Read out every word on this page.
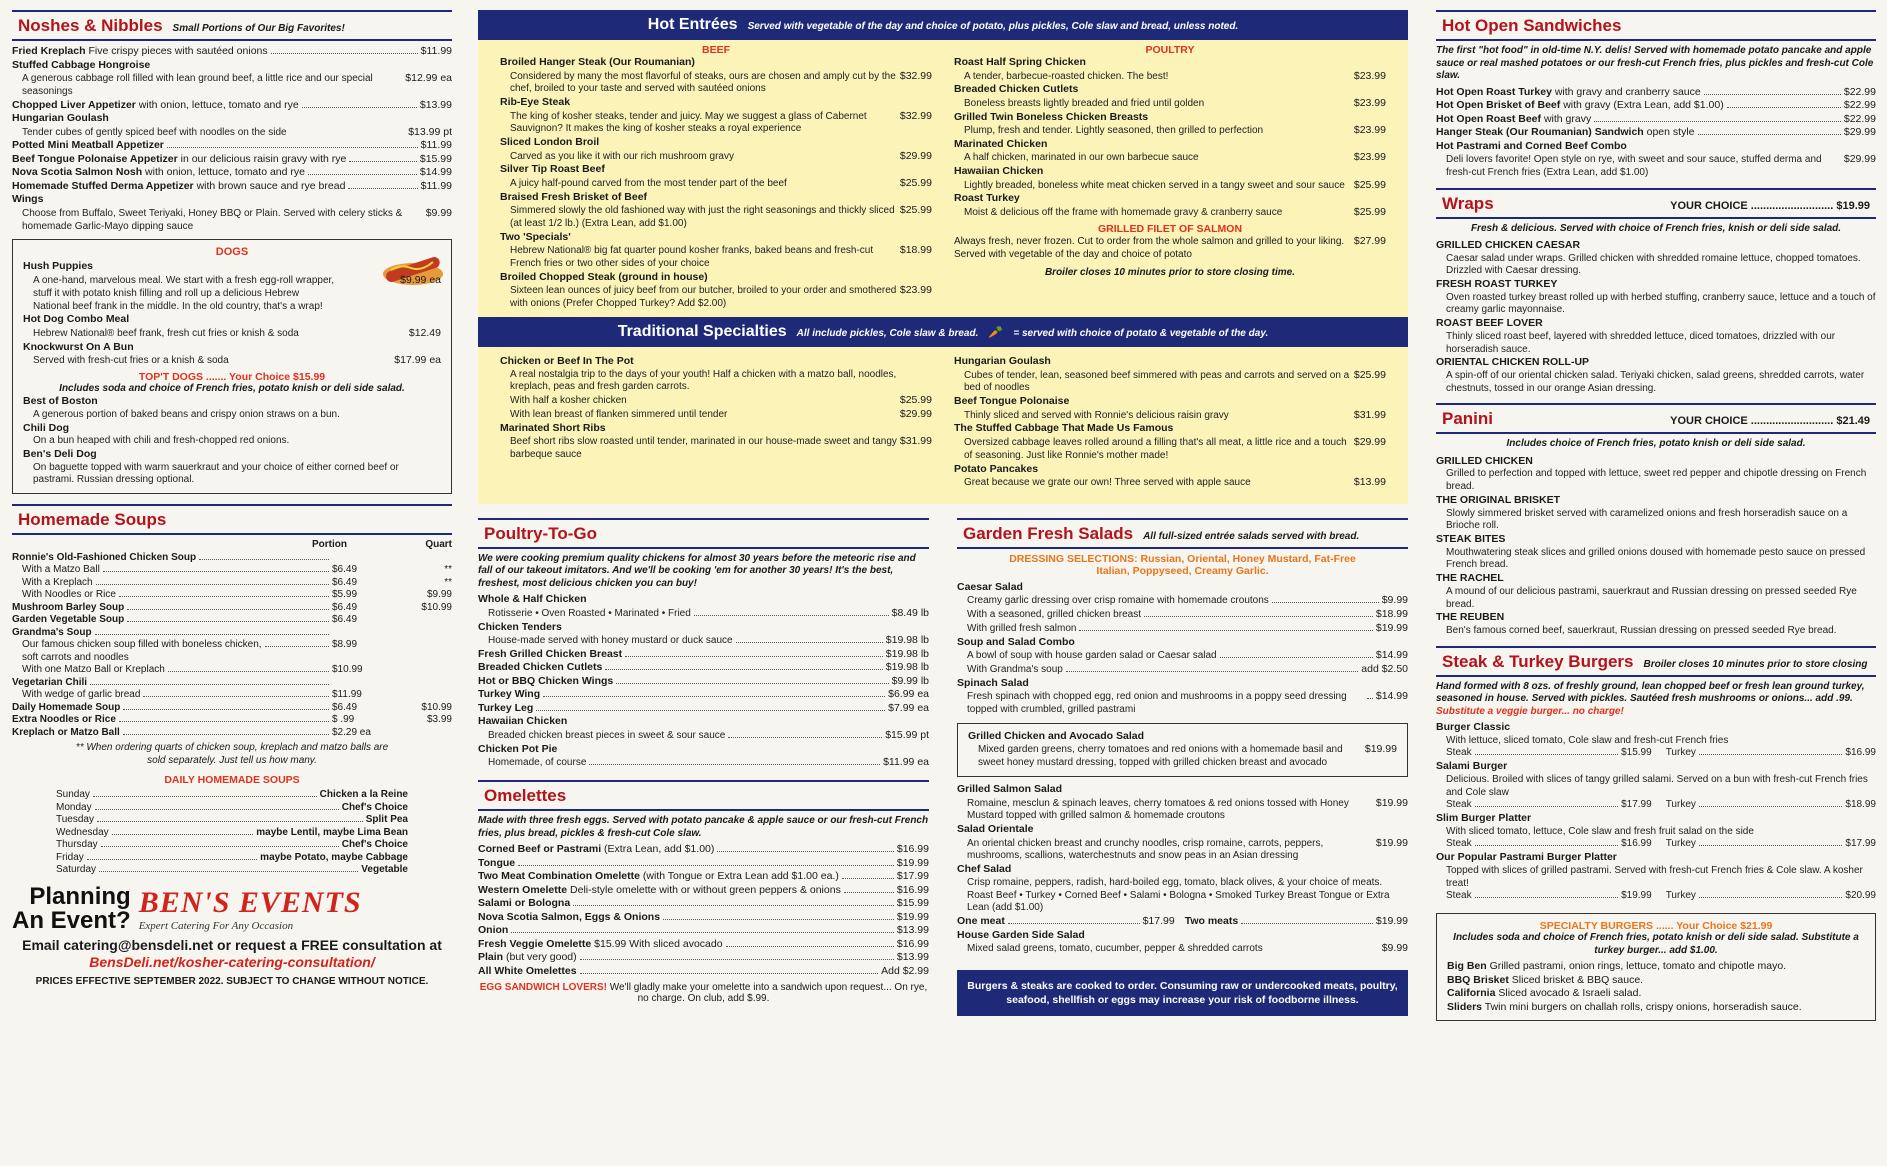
Noshes & Nibbles Small Portions of Our Big Favorites!
Fried Kreplach Five crispy pieces with sautéed onions	$11.99
Stuffed Cabbage Hongroise
A generous cabbage roll filled with lean ground beef, a little rice and our special seasonings
$12.99 ea
Chopped Liver Appetizer with onion, lettuce, tomato and rye	$13.99
Hungarian Goulash
Tender cubes of gently spiced beef with noodles on the side	$13.99 pt
Potted Mini Meatball Appetizer	$11.99
Beef Tongue Polonaise Appetizer in our delicious raisin gravy with rye	$15.99
Nova Scotia Salmon Nosh with onion, lettuce, tomato and rye	$14.99
Homemade Stuffed Derma Appetizer with brown sauce and rye bread	$11.99
Wings
Choose from Buffalo, Sweet Teriyaki, Honey BBQ or Plain. Served with celery sticks & homemade Garlic-Mayo dipping sauce
$9.99
DOGS
Hush Puppies
A one-hand, marvelous meal. We start with a fresh egg-roll wrapper, stuff it with potato knish filling and roll up a delicious Hebrew National beef frank in the middle. In the old country, that's a wrap!
$9.99 ea
Hot Dog Combo Meal
Hebrew National® beef frank, fresh cut fries or knish & soda	$12.49
Knockwurst On A Bun
Served with fresh-cut fries or a knish & soda	$17.99 ea
TOP'T DOGS ....... Your Choice $15.99
Includes soda and choice of French fries, potato knish or deli side salad.
Best of Boston
A generous portion of baked beans and crispy onion straws on a bun.
Chili Dog
On a bun heaped with chili and fresh-chopped red onions.
Ben's Deli Dog
On baguette topped with warm sauerkraut and your choice of either corned beef or pastrami. Russian dressing optional.
Homemade Soups
Portion	Quart
Ronnie's Old-Fashioned Chicken Soup
With a Matzo Ball	$6.49	**
With a Kreplach	$6.49	**
With Noodles or Rice	$5.99	$9.99
Mushroom Barley Soup	$6.49	$10.99
Garden Vegetable Soup	$6.49
Grandma's Soup
Our famous chicken soup filled with boneless chicken, soft carrots and noodles
$8.99
With one Matzo Ball or Kreplach	$10.99
Vegetarian Chili
With wedge of garlic bread	$11.99
Daily Homemade Soup	$6.49	$10.99
Extra Noodles or Rice	$ .99	$3.99
Kreplach or Matzo Ball	$2.29 ea
** When ordering quarts of chicken soup, kreplach and matzo balls are sold separately. Just tell us how many.
DAILY HOMEMADE SOUPS
Sunday	Chicken a la Reine
Monday	Chef's Choice
Tuesday	Split Pea
Wednesday	maybe Lentil, maybe Lima Bean
Thursday	Chef's Choice
Friday	maybe Potato, maybe Cabbage
Saturday	Vegetable
Planning
An Event?
BEN'S EVENTS
Expert Catering For Any Occasion
Email catering@bensdeli.net or request a FREE consultation at
BensDeli.net/kosher-catering-consultation/
PRICES EFFECTIVE SEPTEMBER 2022. SUBJECT TO CHANGE WITHOUT NOTICE.
Hot Entrées Served with vegetable of the day and choice of potato, plus pickles, Cole slaw and bread, unless noted.
BEEF
Broiled Hanger Steak (Our Roumanian)
Considered by many the most flavorful of steaks, ours are chosen and amply cut by the chef, broiled to your taste and served with sautéed onions
$32.99
Rib-Eye Steak
The king of kosher steaks, tender and juicy. May we suggest a glass of Cabernet Sauvignon? It makes the king of kosher steaks a royal experience
$32.99
Sliced London Broil
Carved as you like it with our rich mushroom gravy	$29.99
Silver Tip Roast Beef
A juicy half-pound carved from the most tender part of the beef	$25.99
Braised Fresh Brisket of Beef
Simmered slowly the old fashioned way with just the right seasonings and thickly sliced (at least 1/2 lb.) (Extra Lean, add $1.00)
$25.99
Two 'Specials'
Hebrew National® big fat quarter pound kosher franks, baked beans and fresh-cut French fries or two other sides of your choice
$18.99
Broiled Chopped Steak (ground in house)
Sixteen lean ounces of juicy beef from our butcher, broiled to your order and smothered with onions (Prefer Chopped Turkey? Add $2.00)
$23.99
POULTRY
Roast Half Spring Chicken
A tender, barbecue-roasted chicken. The best!	$23.99
Breaded Chicken Cutlets
Boneless breasts lightly breaded and fried until golden	$23.99
Grilled Twin Boneless Chicken Breasts
Plump, fresh and tender. Lightly seasoned, then grilled to perfection	$23.99
Marinated Chicken
A half chicken, marinated in our own barbecue sauce	$23.99
Hawaiian Chicken
Lightly breaded, boneless white meat chicken served in a tangy sweet and sour sauce $25.99
Roast Turkey
Moist & delicious off the frame with homemade gravy & cranberry sauce	$25.99
GRILLED FILET OF SALMON
Always fresh, never frozen. Cut to order from the whole salmon and grilled to your liking. Served with vegetable of the day and choice of potato
$27.99
Broiler closes 10 minutes prior to store closing time.
Traditional Specialties All include pickles, Cole slaw & bread. 🥕 = served with choice of potato & vegetable of the day.
Chicken or Beef In The Pot
A real nostalgia trip to the days of your youth! Half a chicken with a matzo ball, noodles, kreplach, peas and fresh garden carrots.
With half a kosher chicken	$25.99
With lean breast of flanken simmered until tender	$29.99
Marinated Short Ribs
Beef short ribs slow roasted until tender, marinated in our house-made sweet and tangy barbeque sauce
$31.99
Hungarian Goulash
Cubes of tender, lean, seasoned beef simmered with peas and carrots and served on a bed of noodles
$25.99
Beef Tongue Polonaise
Thinly sliced and served with Ronnie's delicious raisin gravy	$31.99
The Stuffed Cabbage That Made Us Famous
Oversized cabbage leaves rolled around a filling that's all meat, a little rice and a touch of seasoning. Just like Ronnie's mother made!
$29.99
Potato Pancakes
Great because we grate our own! Three served with apple sauce	$13.99
Poultry-To-Go
We were cooking premium quality chickens for almost 30 years before the meteoric rise and fall of our takeout imitators. And we'll be cooking 'em for another 30 years! It's the best, freshest, most delicious chicken you can buy!
Whole & Half Chicken
Rotisserie • Oven Roasted • Marinated • Fried	$8.49 lb
Chicken Tenders
House-made served with honey mustard or duck sauce	$19.98 lb
Fresh Grilled Chicken Breast	$19.98 lb
Breaded Chicken Cutlets	$19.98 lb
Hot or BBQ Chicken Wings	$9.99 lb
Turkey Wing	$6.99 ea
Turkey Leg	$7.99 ea
Hawaiian Chicken
Breaded chicken breast pieces in sweet & sour sauce	$15.99 pt
Chicken Pot Pie
Homemade, of course	$11.99 ea
Omelettes
Made with three fresh eggs. Served with potato pancake & apple sauce or our fresh-cut French fries, plus bread, pickles & fresh-cut Cole slaw.
Corned Beef or Pastrami (Extra Lean, add $1.00)	$16.99
Tongue	$19.99
Two Meat Combination Omelette (with Tongue or Extra Lean add $1.00 ea.)	$17.99
Western Omelette Deli-style omelette with or without green peppers & onions	$16.99
Salami or Bologna	$15.99
Nova Scotia Salmon, Eggs & Onions	$19.99
Onion	$13.99
Fresh Veggie Omelette $15.99 With sliced avocado	$16.99
Plain (but very good)	$13.99
All White Omelettes	Add $2.99
EGG SANDWICH LOVERS! We'll gladly make your omelette into a sandwich upon request... On rye, no charge. On club, add $.99.
Garden Fresh Salads All full-sized entrée salads served with bread.
DRESSING SELECTIONS: Russian, Oriental, Honey Mustard, Fat-Free Italian, Poppyseed, Creamy Garlic.
Caesar Salad
Creamy garlic dressing over crisp romaine with homemade croutons	$9.99
With a seasoned, grilled chicken breast	$18.99
With grilled fresh salmon	$19.99
Soup and Salad Combo
A bowl of soup with house garden salad or Caesar salad	$14.99
With Grandma's soup	add $2.50
Spinach Salad
Fresh spinach with chopped egg, red onion and mushrooms in a poppy seed dressing topped with crumbled, grilled pastrami
$14.99
Grilled Chicken and Avocado Salad
Mixed garden greens, cherry tomatoes and red onions with a homemade basil and sweet honey mustard dressing, topped with grilled chicken breast and avocado
$19.99
Grilled Salmon Salad
Romaine, mesclun & spinach leaves, cherry tomatoes & red onions tossed with Honey Mustard topped with grilled salmon & homemade croutons
$19.99
Salad Orientale
An oriental chicken breast and crunchy noodles, crisp romaine, carrots, peppers, mushrooms, scallions, waterchestnuts and snow peas in an Asian dressing
$19.99
Chef Salad
Crisp romaine, peppers, radish, hard-boiled egg, tomato, black olives, & your choice of meats. Roast Beef • Turkey • Corned Beef • Salami • Bologna • Smoked Turkey Breast Tongue or Extra Lean (add $1.00)
One meat	$17.99 Two meats	$19.99
House Garden Side Salad
Mixed salad greens, tomato, cucumber, pepper & shredded carrots	$9.99
Burgers & steaks are cooked to order. Consuming raw or undercooked meats, poultry, seafood, shellfish or eggs may increase your risk of foodborne illness.
Hot Open Sandwiches
The first "hot food" in old-time N.Y. delis! Served with homemade potato pancake and apple sauce or real mashed potatoes or our fresh-cut French fries, plus pickles and fresh-cut Cole slaw.
Hot Open Roast Turkey with gravy and cranberry sauce	$22.99
Hot Open Brisket of Beef with gravy (Extra Lean, add $1.00)	$22.99
Hot Open Roast Beef with gravy	$22.99
Hanger Steak (Our Roumanian) Sandwich open style	$29.99
Hot Pastrami and Corned Beef Combo
Deli lovers favorite! Open style on rye, with sweet and sour sauce, stuffed derma and fresh-cut French fries (Extra Lean, add $1.00)
$29.99
Wraps	YOUR CHOICE ........................... $19.99
Fresh & delicious. Served with choice of French fries, knish or deli side salad.
GRILLED CHICKEN CAESAR
Caesar salad under wraps. Grilled chicken with shredded romaine lettuce, chopped tomatoes. Drizzled with Caesar dressing.
FRESH ROAST TURKEY
Oven roasted turkey breast rolled up with herbed stuffing, cranberry sauce, lettuce and a touch of creamy garlic mayonnaise.
ROAST BEEF LOVER
Thinly sliced roast beef, layered with shredded lettuce, diced tomatoes, drizzled with our horseradish sauce.
ORIENTAL CHICKEN ROLL-UP
A spin-off of our oriental chicken salad. Teriyaki chicken, salad greens, shredded carrots, water chestnuts, tossed in our orange Asian dressing.
Panini	YOUR CHOICE ........................... $21.49
Includes choice of French fries, potato knish or deli side salad.
GRILLED CHICKEN
Grilled to perfection and topped with lettuce, sweet red pepper and chipotle dressing on French bread.
THE ORIGINAL BRISKET
Slowly simmered brisket served with caramelized onions and fresh horseradish sauce on a Brioche roll.
STEAK BITES
Mouthwatering steak slices and grilled onions doused with homemade pesto sauce on pressed French bread.
THE RACHEL
A mound of our delicious pastrami, sauerkraut and Russian dressing on pressed seeded Rye bread.
THE REUBEN
Ben's famous corned beef, sauerkraut, Russian dressing on pressed seeded Rye bread.
Steak & Turkey Burgers Broiler closes 10 minutes prior to store closing
Hand formed with 8 ozs. of freshly ground, lean chopped beef or fresh lean ground turkey, seasoned in house. Served with pickles. Sautéed fresh mushrooms or onions... add .99. Substitute a veggie burger... no charge!
Burger Classic
With lettuce, sliced tomato, Cole slaw and fresh-cut French fries
Steak	$15.99 Turkey	$16.99
Salami Burger
Delicious. Broiled with slices of tangy grilled salami. Served on a bun with fresh-cut French fries and Cole slaw
Steak	$17.99 Turkey	$18.99
Slim Burger Platter
With sliced tomato, lettuce, Cole slaw and fresh fruit salad on the side
Steak	$16.99 Turkey	$17.99
Our Popular Pastrami Burger Platter
Topped with slices of grilled pastrami. Served with fresh-cut French fries & Cole slaw. A kosher treat!
Steak	$19.99 Turkey	$20.99
SPECIALTY BURGERS ...... Your Choice $21.99
Includes soda and choice of French fries, potato knish or deli side salad. Substitute a turkey burger... add $1.00.
Big Ben Grilled pastrami, onion rings, lettuce, tomato and chipotle mayo.
BBQ Brisket Sliced brisket & BBQ sauce.
California Sliced avocado & Israeli salad.
Sliders Twin mini burgers on challah rolls, crispy onions, horseradish sauce.
